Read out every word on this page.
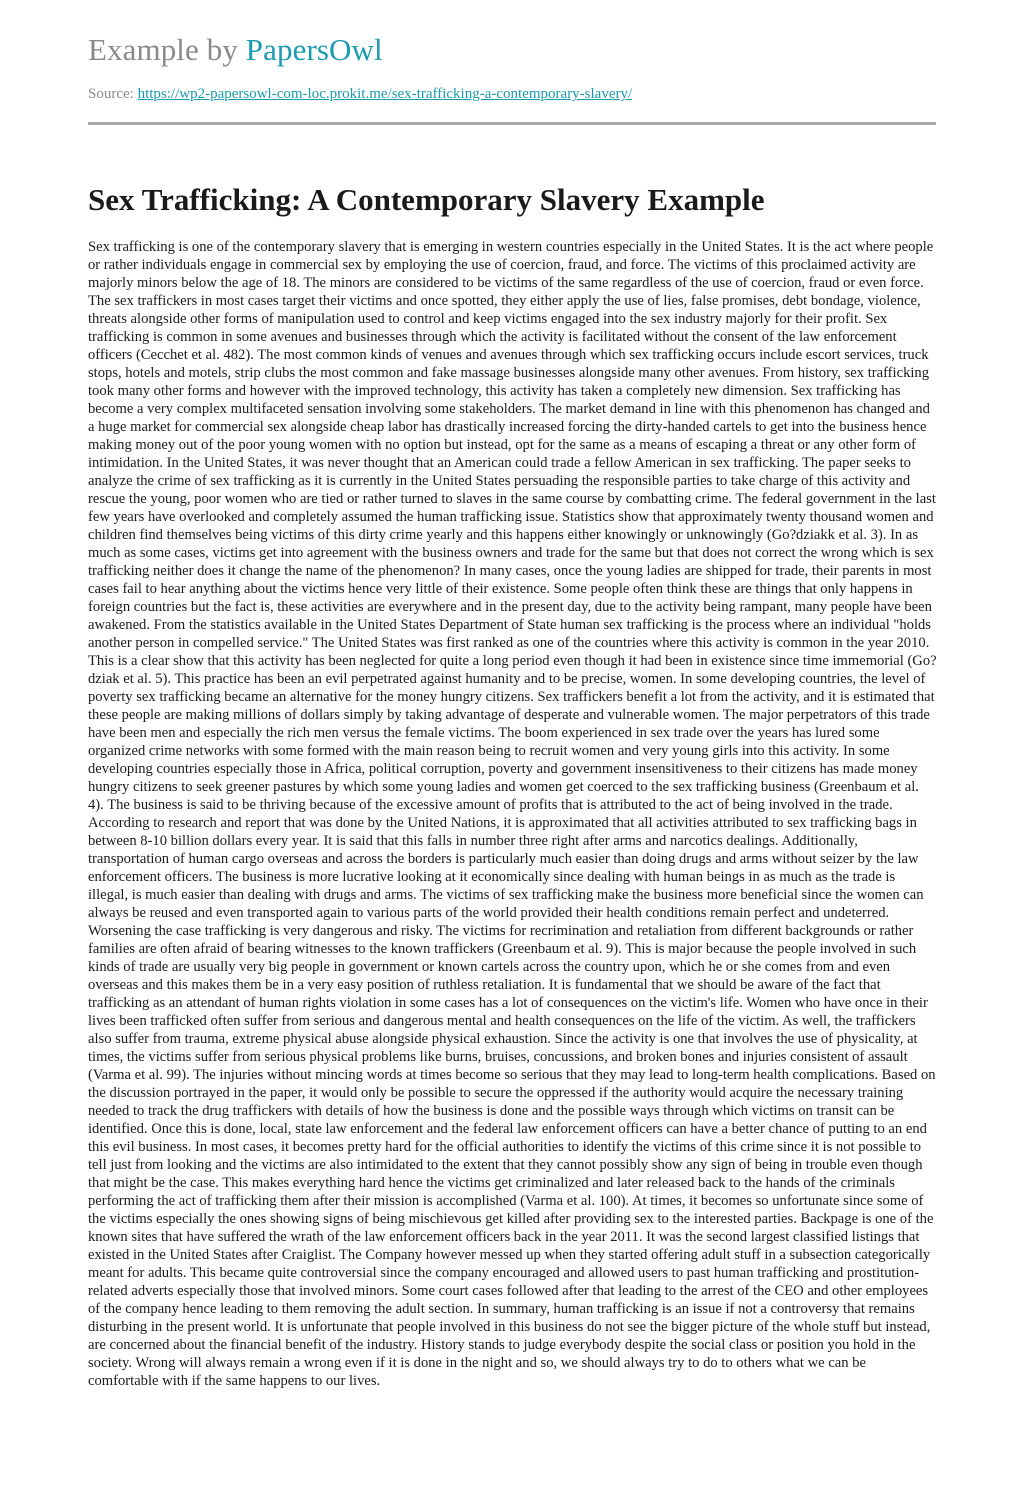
Example by PapersOwl
Source: https://wp2-papersowl-com-loc.prokit.me/sex-trafficking-a-contemporary-slavery/
Sex Trafficking: A Contemporary Slavery Example

Sex trafficking is one of the contemporary slavery that is emerging in western countries especially in the United States. It is the act where people or rather individuals engage in commercial sex by employing the use of coercion, fraud, and force. The victims of this proclaimed activity are majorly minors below the age of 18. The minors are considered to be victims of the same regardless of the use of coercion, fraud or even force. The sex traffickers in most cases target their victims and once spotted, they either apply the use of lies, false promises, debt bondage, violence, threats alongside other forms of manipulation used to control and keep victims engaged into the sex industry majorly for their profit. Sex trafficking is common in some avenues and businesses through which the activity is facilitated without the consent of the law enforcement officers (Cecchet et al. 482). The most common kinds of venues and avenues through which sex trafficking occurs include escort services, truck stops, hotels and motels, strip clubs the most common and fake massage businesses alongside many other avenues. From history, sex trafficking took many other forms and however with the improved technology, this activity has taken a completely new dimension. Sex trafficking has become a very complex multifaceted sensation involving some stakeholders. The market demand in line with this phenomenon has changed and a huge market for commercial sex alongside cheap labor has drastically increased forcing the dirty-handed cartels to get into the business hence making money out of the poor young women with no option but instead, opt for the same as a means of escaping a threat or any other form of intimidation. In the United States, it was never thought that an American could trade a fellow American in sex trafficking. The paper seeks to analyze the crime of sex trafficking as it is currently in the United States persuading the responsible parties to take charge of this activity and rescue the young, poor women who are tied or rather turned to slaves in the same course by combatting crime. The federal government in the last few years have overlooked and completely assumed the human trafficking issue. Statistics show that approximately twenty thousand women and children find themselves being victims of this dirty crime yearly and this happens either knowingly or unknowingly (Go?dziakk et al. 3). In as much as some cases, victims get into agreement with the business owners and trade for the same but that does not correct the wrong which is sex trafficking neither does it change the name of the phenomenon? In many cases, once the young ladies are shipped for trade, their parents in most cases fail to hear anything about the victims hence very little of their existence. Some people often think these are things that only happens in foreign countries but the fact is, these activities are everywhere and in the present day, due to the activity being rampant, many people have been awakened. From the statistics available in the United States Department of State human sex trafficking is the process where an individual "holds another person in compelled service." The United States was first ranked as one of the countries where this activity is common in the year 2010. This is a clear show that this activity has been neglected for quite a long period even though it had been in existence since time immemorial (Go?dziak et al. 5). This practice has been an evil perpetrated against humanity and to be precise, women. In some developing countries, the level of poverty sex trafficking became an alternative for the money hungry citizens. Sex traffickers benefit a lot from the activity, and it is estimated that these people are making millions of dollars simply by taking advantage of desperate and vulnerable women. The major perpetrators of this trade have been men and especially the rich men versus the female victims. The boom experienced in sex trade over the years has lured some organized crime networks with some formed with the main reason being to recruit women and very young girls into this activity. In some developing countries especially those in Africa, political corruption, poverty and government insensitiveness to their citizens has made money hungry citizens to seek greener pastures by which some young ladies and women get coerced to the sex trafficking business (Greenbaum et al. 4). The business is said to be thriving because of the excessive amount of profits that is attributed to the act of being involved in the trade. According to research and report that was done by the United Nations, it is approximated that all activities attributed to sex trafficking bags in between 8-10 billion dollars every year. It is said that this falls in number three right after arms and narcotics dealings. Additionally, transportation of human cargo overseas and across the borders is particularly much easier than doing drugs and arms without seizer by the law enforcement officers. The business is more lucrative looking at it economically since dealing with human beings in as much as the trade is illegal, is much easier than dealing with drugs and arms. The victims of sex trafficking make the business more beneficial since the women can always be reused and even transported again to various parts of the world provided their health conditions remain perfect and undeterred. Worsening the case trafficking is very dangerous and risky. The victims for recrimination and retaliation from different backgrounds or rather families are often afraid of bearing witnesses to the known traffickers (Greenbaum et al. 9). This is major because the people involved in such kinds of trade are usually very big people in government or known cartels across the country upon, which he or she comes from and even overseas and this makes them be in a very easy position of ruthless retaliation. It is fundamental that we should be aware of the fact that trafficking as an attendant of human rights violation in some cases has a lot of consequences on the victim's life. Women who have once in their lives been trafficked often suffer from serious and dangerous mental and health consequences on the life of the victim. As well, the traffickers also suffer from trauma, extreme physical abuse alongside physical exhaustion. Since the activity is one that involves the use of physicality, at times, the victims suffer from serious physical problems like burns, bruises, concussions, and broken bones and injuries consistent of assault (Varma et al. 99). The injuries without mincing words at times become so serious that they may lead to long-term health complications. Based on the discussion portrayed in the paper, it would only be possible to secure the oppressed if the authority would acquire the necessary training needed to track the drug traffickers with details of how the business is done and the possible ways through which victims on transit can be identified. Once this is done, local, state law enforcement and the federal law enforcement officers can have a better chance of putting to an end this evil business. In most cases, it becomes pretty hard for the official authorities to identify the victims of this crime since it is not possible to tell just from looking and the victims are also intimidated to the extent that they cannot possibly show any sign of being in trouble even though that might be the case. This makes everything hard hence the victims get criminalized and later released back to the hands of the criminals performing the act of trafficking them after their mission is accomplished (Varma et al. 100). At times, it becomes so unfortunate since some of the victims especially the ones showing signs of being mischievous get killed after providing sex to the interested parties. Backpage is one of the known sites that have suffered the wrath of the law enforcement officers back in the year 2011. It was the second largest classified listings that existed in the United States after Craiglist. The Company however messed up when they started offering adult stuff in a subsection categorically meant for adults. This became quite controversial since the company encouraged and allowed users to past human trafficking and prostitution-related adverts especially those that involved minors. Some court cases followed after that leading to the arrest of the CEO and other employees of the company hence leading to them removing the adult section. In summary, human trafficking is an issue if not a controversy that remains disturbing in the present world. It is unfortunate that people involved in this business do not see the bigger picture of the whole stuff but instead, are concerned about the financial benefit of the industry. History stands to judge everybody despite the social class or position you hold in the society. Wrong will always remain a wrong even if it is done in the night and so, we should always try to do to others what we can be comfortable with if the same happens to our lives.
